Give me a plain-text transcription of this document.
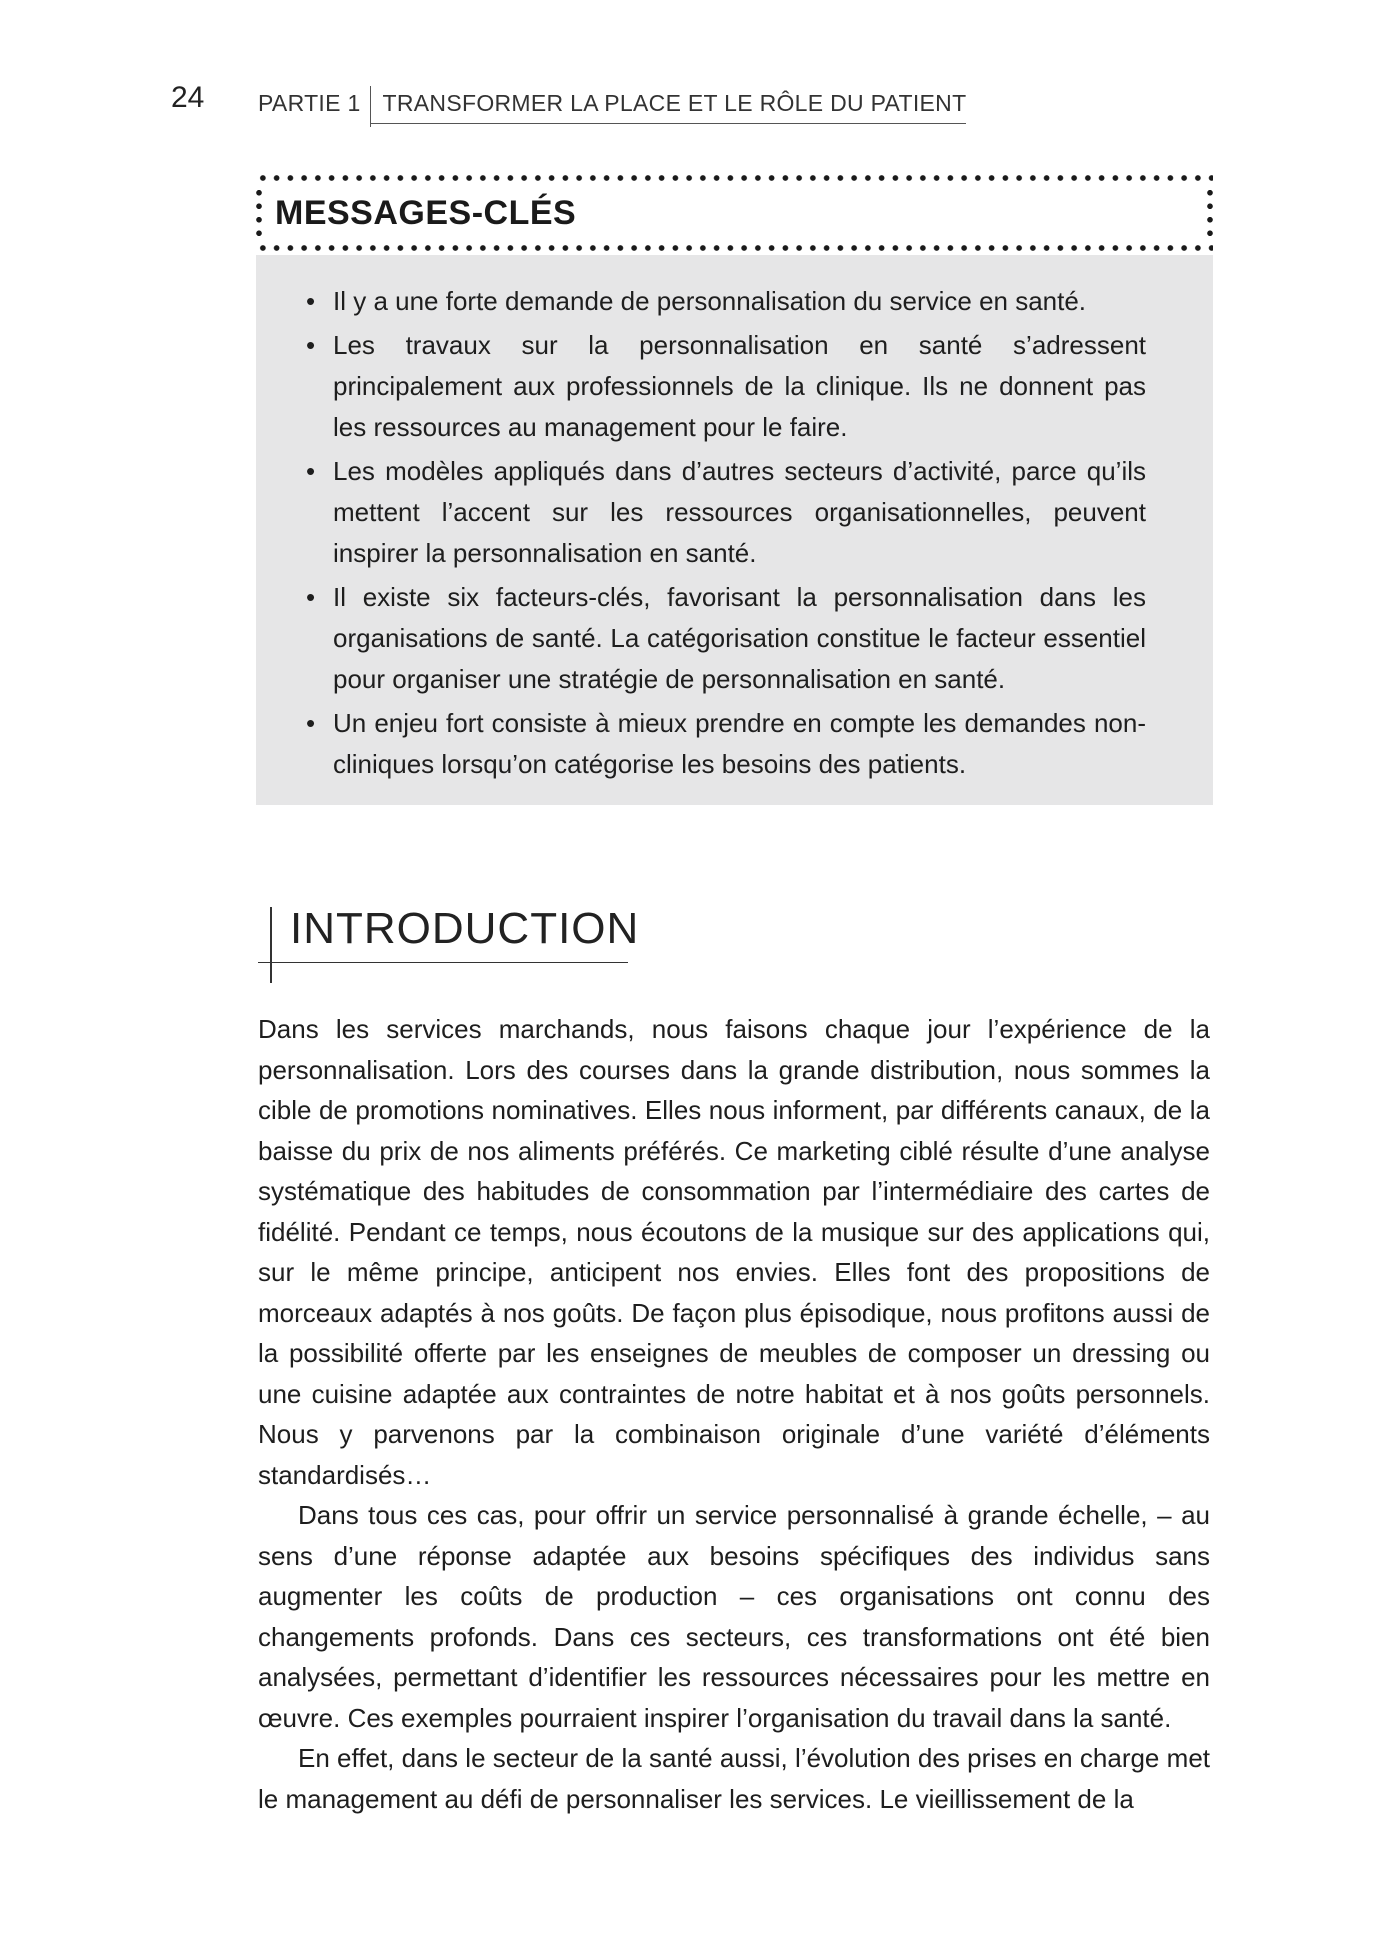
24 PARTIE 1 TRANSFORMER LA PLACE ET LE RÔLE DU PATIENT
MESSAGES-CLÉS
• Il y a une forte demande de personnalisation du service en santé.
• Les travaux sur la personnalisation en santé s’adressent principalement aux professionnels de la clinique. Ils ne donnent pas les ressources au management pour le faire.
• Les modèles appliqués dans d’autres secteurs d’activité, parce qu’ils mettent l’accent sur les ressources organisationnelles, peuvent inspirer la personnalisation en santé.
• Il existe six facteurs-clés, favorisant la personnalisation dans les organisations de santé. La catégorisation constitue le facteur essentiel pour organiser une stratégie de personnalisation en santé.
• Un enjeu fort consiste à mieux prendre en compte les demandes non-cliniques lorsqu’on catégorise les besoins des patients.
INTRODUCTION

Dans les services marchands, nous faisons chaque jour l’expérience de la personnalisation. Lors des courses dans la grande distribution, nous sommes la cible de promotions nominatives. Elles nous informent, par différents canaux, de la baisse du prix de nos aliments préférés. Ce marketing ciblé résulte d’une analyse systématique des habitudes de consommation par l’intermédiaire des cartes de fidélité. Pendant ce temps, nous écoutons de la musique sur des applications qui, sur le même principe, anticipent nos envies. Elles font des propositions de morceaux adaptés à nos goûts. De façon plus épisodique, nous profitons aussi de la possibilité offerte par les enseignes de meubles de composer un dressing ou une cuisine adaptée aux contraintes de notre habitat et à nos goûts personnels. Nous y parvenons par la combinaison originale d’une variété d’éléments standardisés…

Dans tous ces cas, pour offrir un service personnalisé à grande échelle, – au sens d’une réponse adaptée aux besoins spécifiques des individus sans augmenter les coûts de production – ces organisations ont connu des changements profonds. Dans ces secteurs, ces transformations ont été bien analysées, permettant d’identifier les ressources nécessaires pour les mettre en œuvre. Ces exemples pourraient inspirer l’organisation du travail dans la santé.

En effet, dans le secteur de la santé aussi, l’évolution des prises en charge met le management au défi de personnaliser les services. Le vieillissement de la
